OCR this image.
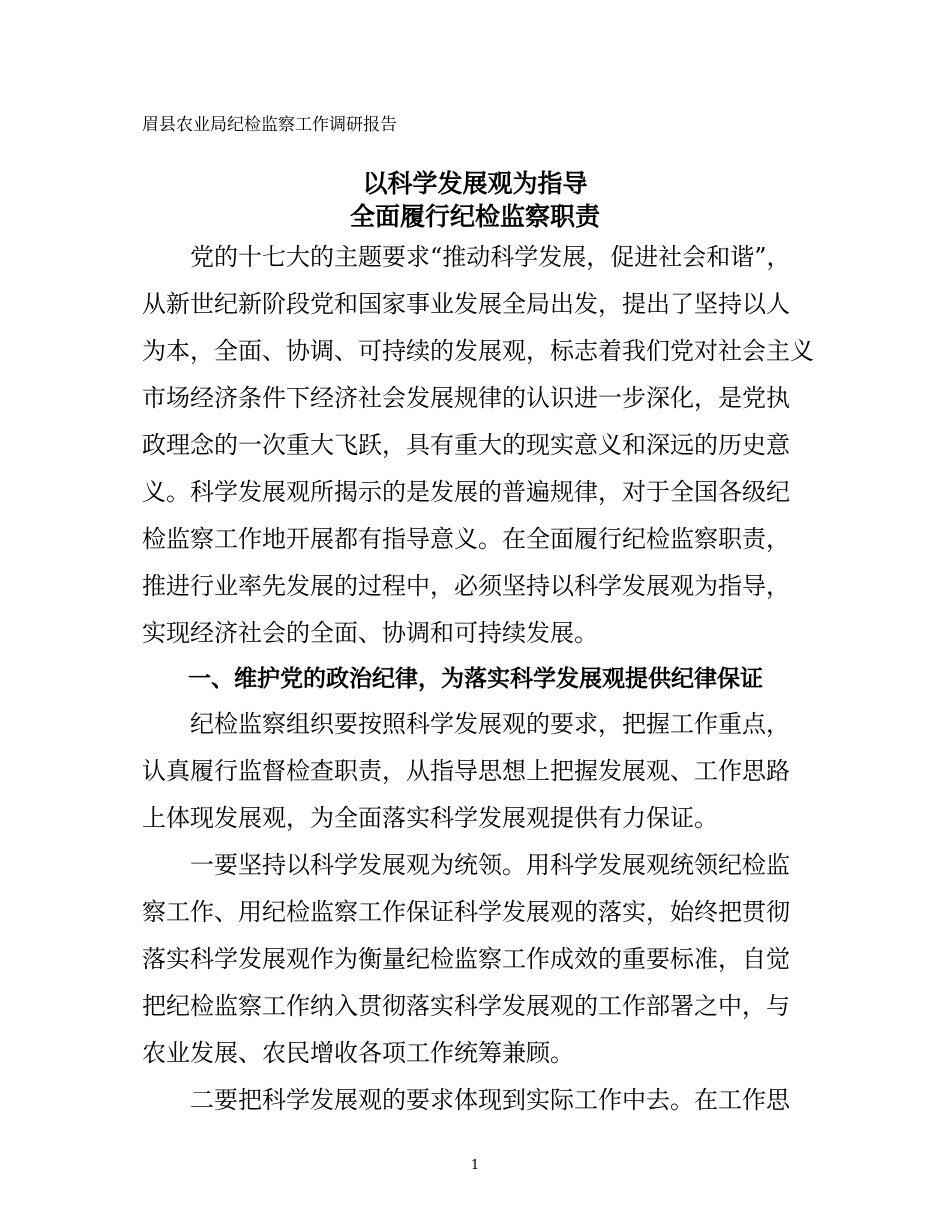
眉县农业局纪检监察工作调研报告
以科学发展观为指导
全面履行纪检监察职责
　　党的十七大的主题要求“推动科学发展，促进社会和谐”，
从新世纪新阶段党和国家事业发展全局出发，提出了坚持以人
为本，全面、协调、可持续的发展观，标志着我们党对社会主义
市场经济条件下经济社会发展规律的认识进一步深化，是党执
政理念的一次重大飞跃，具有重大的现实意义和深远的历史意
义。科学发展观所揭示的是发展的普遍规律，对于全国各级纪
检监察工作地开展都有指导意义。在全面履行纪检监察职责，
推进行业率先发展的过程中，必须坚持以科学发展观为指导，
实现经济社会的全面、协调和可持续发展。
　　一、维护党的政治纪律，为落实科学发展观提供纪律保证
　　纪检监察组织要按照科学发展观的要求，把握工作重点，
认真履行监督检查职责，从指导思想上把握发展观、工作思路
上体现发展观，为全面落实科学发展观提供有力保证。
　　一要坚持以科学发展观为统领。用科学发展观统领纪检监
察工作、用纪检监察工作保证科学发展观的落实，始终把贯彻
落实科学发展观作为衡量纪检监察工作成效的重要标准，自觉
把纪检监察工作纳入贯彻落实科学发展观的工作部署之中，与
农业发展、农民增收各项工作统筹兼顾。
　　二要把科学发展观的要求体现到实际工作中去。在工作思
1
